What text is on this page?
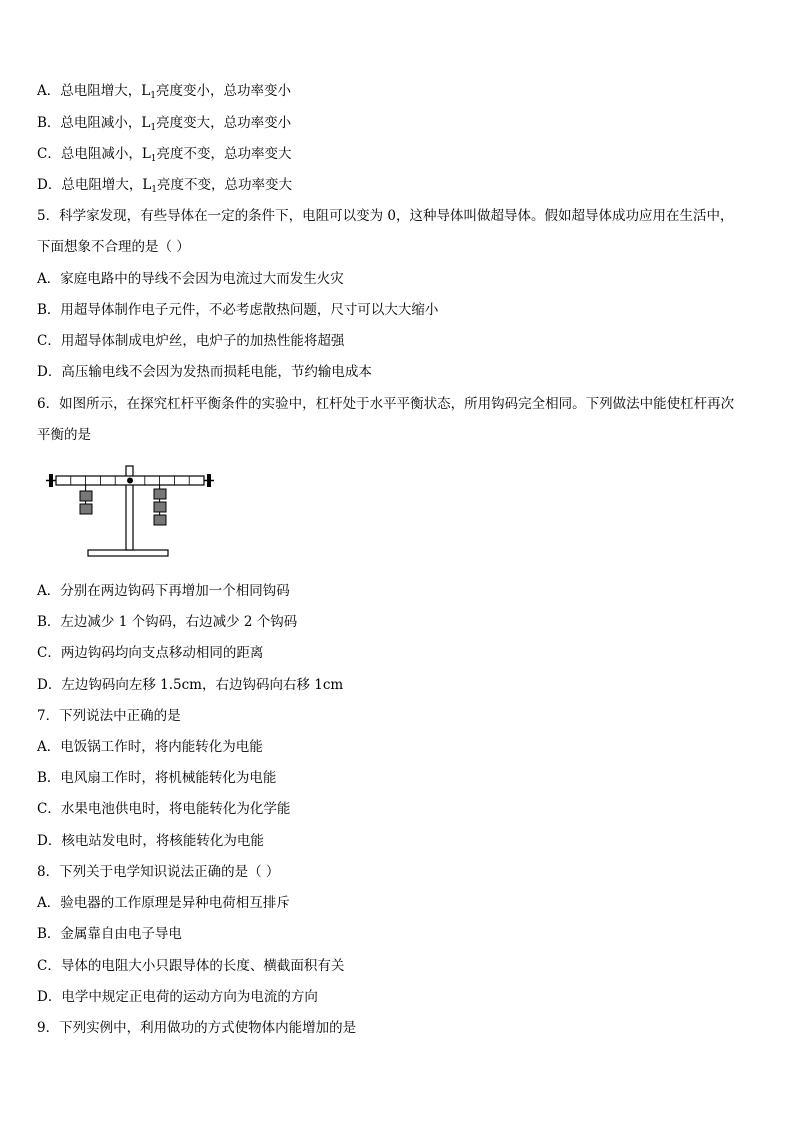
A．总电阻增大，$L_1$亮度变小，总功率变小
B．总电阻减小，$L_1$亮度变大，总功率变小
C．总电阻减小，$L_1$亮度不变，总功率变大
D．总电阻增大，$L_1$亮度不变，总功率变大
5．科学家发现，有些导体在一定的条件下，电阻可以变为 0，这种导体叫做超导体。假如超导体成功应用在生活中，
下面想象不合理的是（ ）
A．家庭电路中的导线不会因为电流过大而发生火灾
B．用超导体制作电子元件，不必考虑散热问题，尺寸可以大大缩小
C．用超导体制成电炉丝，电炉子的加热性能将超强
D．高压输电线不会因为发热而损耗电能，节约输电成本
6．如图所示，在探究杠杆平衡条件的实验中，杠杆处于水平平衡状态，所用钩码完全相同。下列做法中能使杠杆再次
平衡的是
A．分别在两边钩码下再增加一个相同钩码
B．左边减少 1 个钩码，右边减少 2 个钩码
C．两边钩码均向支点移动相同的距离
D．左边钩码向左移 1.5cm，右边钩码向右移 1cm
7．下列说法中正确的是
A．电饭锅工作时，将内能转化为电能
B．电风扇工作时，将机械能转化为电能
C．水果电池供电时，将电能转化为化学能
D．核电站发电时，将核能转化为电能
8．下列关于电学知识说法正确的是（ ）
A．验电器的工作原理是异种电荷相互排斥
B．金属靠自由电子导电
C．导体的电阻大小只跟导体的长度、横截面积有关
D．电学中规定正电荷的运动方向为电流的方向
9．下列实例中，利用做功的方式使物体内能增加的是
